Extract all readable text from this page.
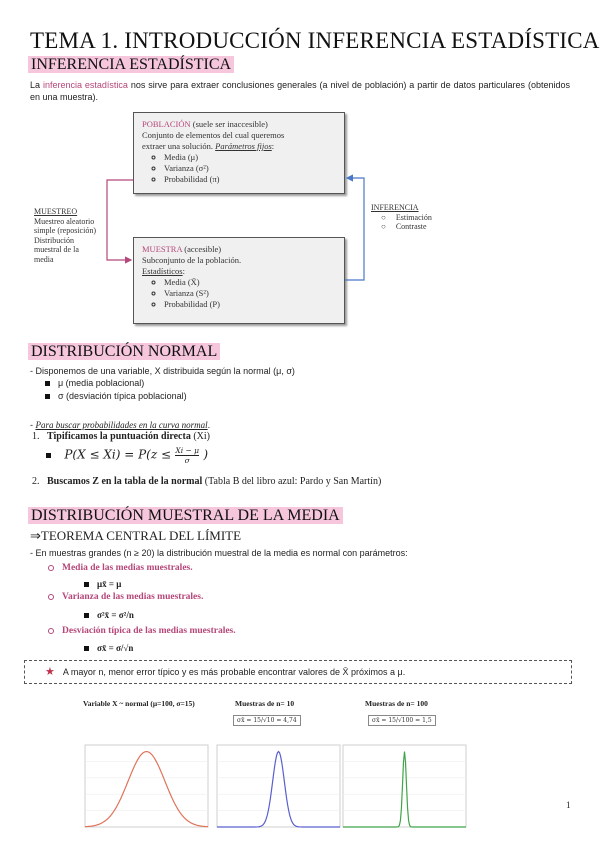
TEMA 1. INTRODUCCIÓN INFERENCIA ESTADÍSTICA
INFERENCIA ESTADÍSTICA
La inferencia estadística nos sirve para extraer conclusiones generales (a nivel de población) a partir de datos particulares (obtenidos en una muestra).
POBLACIÓN (suele ser inaccesible)
Conjunto de elementos del cual queremos
extraer una solución. Parámetros fijos:
◦ Media (μ)
◦ Varianza (σ²)
◦ Probabilidad (π)
MUESTRA (accesible)
Subconjunto de la población.
Estadísticos:
◦ Media (X̄)
◦ Varianza (S²)
◦ Probabilidad (P)
MUESTREO
Muestreo aleatorio
simple (reposición)
Distribución
muestral de la
media
INFERENCIA
○ Estimación
○ Contraste
DISTRIBUCIÓN NORMAL
- Disponemos de una variable, X distribuida según la normal (μ, σ)
μ (media poblacional)
σ (desviación típica poblacional)
- Para buscar probabilidades en la curva normal.
1. Tipificamos la puntuación directa (Xi)
$P(X \le Xi) = P(z \le \frac{Xi - \mu}{\sigma}$ )
2. Buscamos Z en la tabla de la normal (Tabla B del libro azul: Pardo y San Martín)
DISTRIBUCIÓN MUESTRAL DE LA MEDIA
⇒TEOREMA CENTRAL DEL LÍMITE
- En muestras grandes (n ≥ 20) la distribución muestral de la media es normal con parámetros:
Media de las medias muestrales.
μx̄ = μ
Varianza de las medias muestrales.
σ²x̄ = σ²/n
Desviación típica de las medias muestrales.
σx̄ = σ/√n
★ A mayor n, menor error típico y es más probable encontrar valores de X̄ próximos a μ.
Variable X ~ normal (μ=100, σ=15)	Muestras de n= 10	Muestras de n= 100
σx̄ = 15/√10 = 4,74	σx̄ = 15/√100 = 1,5
1
